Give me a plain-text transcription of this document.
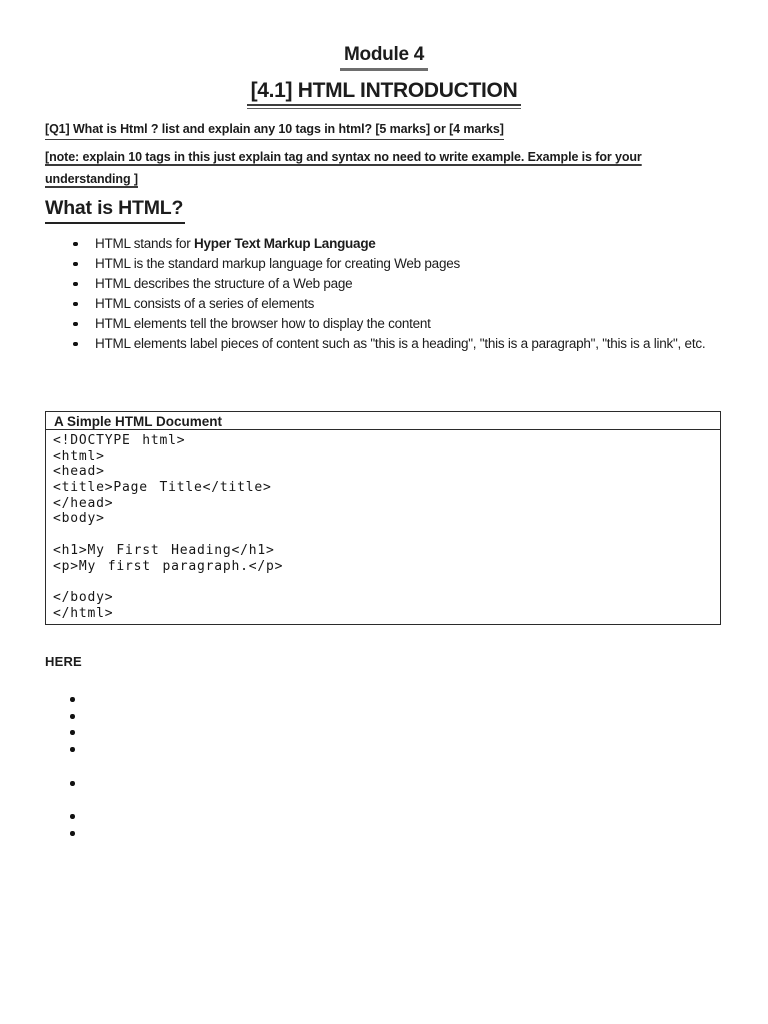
Module 4
[4.1] HTML INTRODUCTION
[Q1] What is Html ? list and explain any 10 tags in html? [5 marks] or [4 marks]
[note: explain 10 tags in this just explain tag and syntax no need to write example. Example is for your understanding ]
What is HTML?
HTML stands for Hyper Text Markup Language
HTML is the standard markup language for creating Web pages
HTML describes the structure of a Web page
HTML consists of a series of elements
HTML elements tell the browser how to display the content
HTML elements label pieces of content such as "this is a heading", "this is a paragraph", "this is a link", etc.
A Simple HTML Document
<!DOCTYPE html>
<html>
<head>
<title>Page Title</title>
</head>
<body>
<h1>My First Heading</h1>
<p>My first paragraph.</p>
</body>
</html>
HERE
